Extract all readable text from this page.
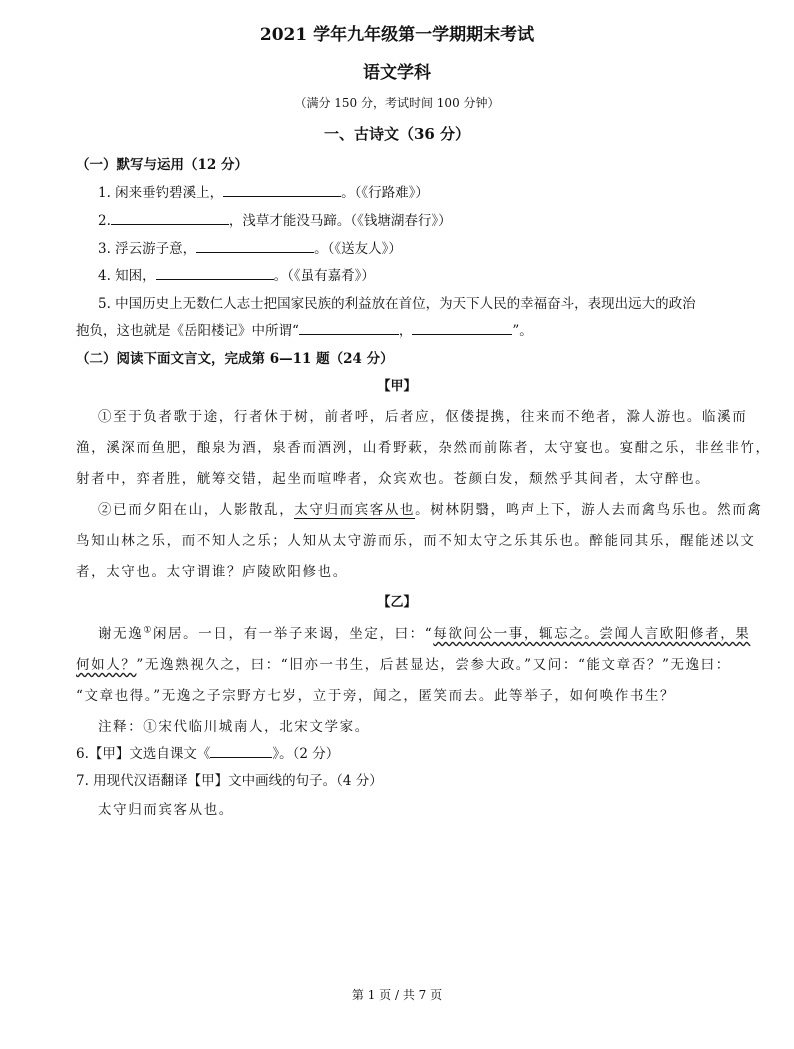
2021 学年九年级第一学期期末考试
语文学科
（满分 150 分，考试时间 100 分钟）
一、古诗文（36 分）
（一）默写与运用（12 分）
1. 闲来垂钓碧溪上，	。（《行路难》）
2.	，浅草才能没马蹄。（《钱塘湖春行》）
3. 浮云游子意，	。（《送友人》）
4. 知困，	。（《虽有嘉肴》）
5. 中国历史上无数仁人志士把国家民族的利益放在首位，为天下人民的幸福奋斗，表现出远大的政治
抱负，这也就是《岳阳楼记》中所谓“	，	”。
（二）阅读下面文言文，完成第 6—11 题（24 分）
【甲】
①至于负者歌于途，行者休于树，前者呼，后者应，伛偻提携，往来而不绝者，滁人游也。临溪而
渔，溪深而鱼肥，酿泉为酒，泉香而酒洌，山肴野蔌，杂然而前陈者，太守宴也。宴酣之乐，非丝非竹，
射者中，弈者胜，觥筹交错，起坐而喧哗者，众宾欢也。苍颜白发，颓然乎其间者，太守醉也。
②已而夕阳在山，人影散乱，太守归而宾客从也。树林阴翳，鸣声上下，游人去而禽鸟乐也。然而禽
鸟知山林之乐，而不知人之乐；人知从太守游而乐，而不知太守之乐其乐也。醉能同其乐，醒能述以文
者，太守也。太守谓谁？庐陵欧阳修也。
【乙】
谢无逸①闲居。一日，有一举子来谒，坐定，曰：“每欲问公一事，辄忘之。尝闻人言欧阳修者，果
何如人？”无逸熟视久之，曰：“旧亦一书生，后甚显达，尝参大政。”又问：“能文章否？”无逸曰：
“文章也得。”无逸之子宗野方七岁，立于旁，闻之，匿笑而去。此等举子，如何唤作书生？
注释：①宋代临川城南人，北宋文学家。
6.【甲】文选自课文《	》。（2 分）
7. 用现代汉语翻译【甲】文中画线的句子。（4 分）
太守归而宾客从也。
第 1 页 / 共 7 页
